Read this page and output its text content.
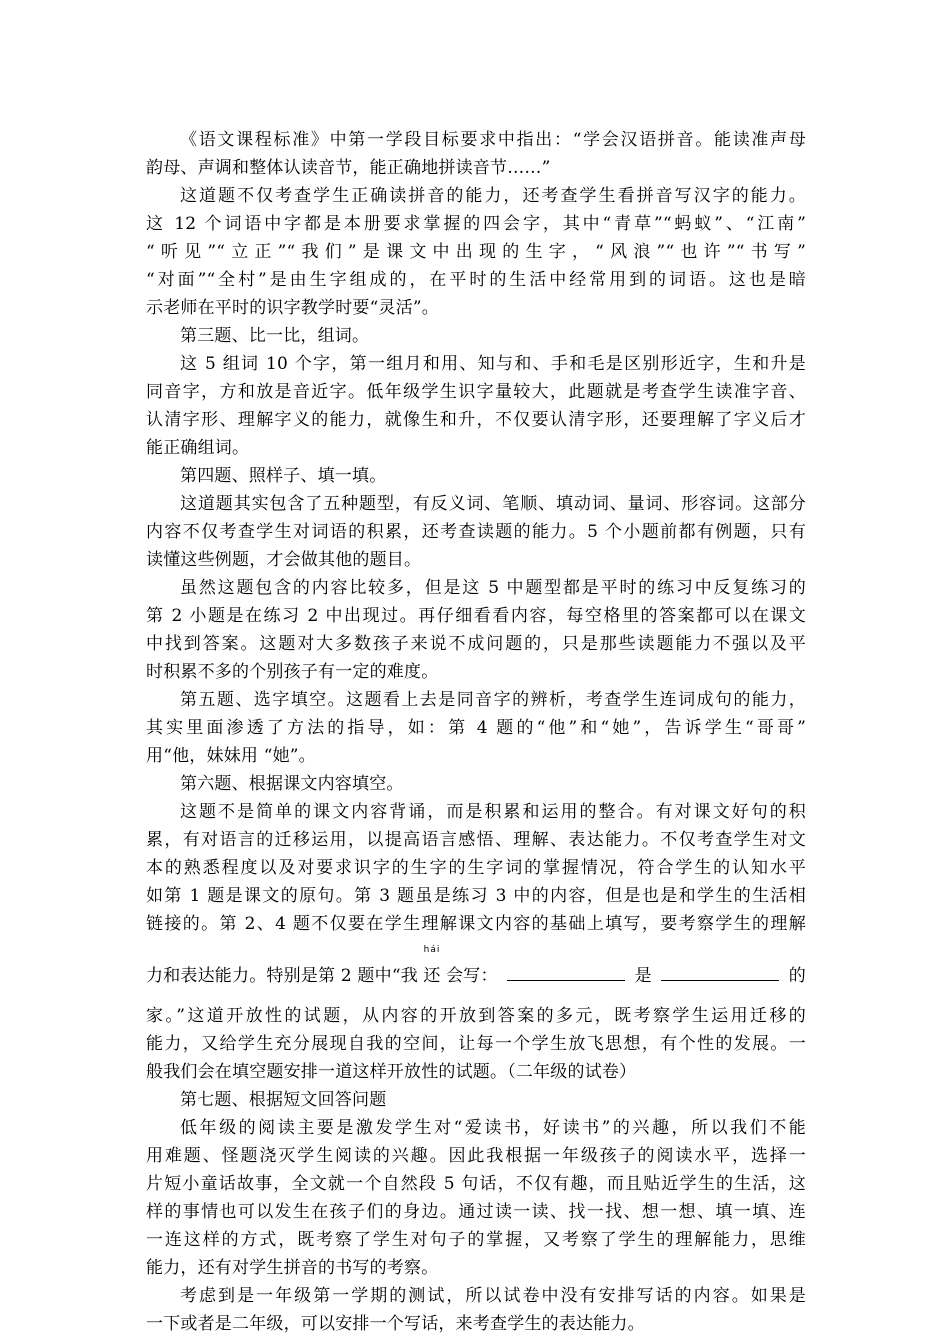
《语文课程标准》中第一学段目标要求中指出：“学会汉语拼音。能读准声母
韵母、声调和整体认读音节，能正确地拼读音节……”
这道题不仅考查学生正确读拼音的能力，还考查学生看拼音写汉字的能力。
这 12 个词语中字都是本册要求掌握的四会字，其中“青草”“蚂蚁”、“江南”
“听见”“立正”“我们”是课文中出现的生字，“风浪”“也许”“书写”
“对面”“全村”是由生字组成的，在平时的生活中经常用到的词语。这也是暗
示老师在平时的识字教学时要“灵活”。
第三题、比一比，组词。
这 5 组词 10 个字，第一组月和用、知与和、手和毛是区别形近字，生和升是
同音字，方和放是音近字。低年级学生识字量较大，此题就是考查学生读准字音、
认清字形、理解字义的能力，就像生和升，不仅要认清字形，还要理解了字义后才
能正确组词。
第四题、照样子、填一填。
这道题其实包含了五种题型，有反义词、笔顺、填动词、量词、形容词。这部分
内容不仅考查学生对词语的积累，还考查读题的能力。5 个小题前都有例题，只有
读懂这些例题，才会做其他的题目。
虽然这题包含的内容比较多，但是这 5 中题型都是平时的练习中反复练习的
第 2 小题是在练习 2 中出现过。再仔细看看内容，每空格里的答案都可以在课文
中找到答案。这题对大多数孩子来说不成问题的，只是那些读题能力不强以及平
时积累不多的个别孩子有一定的难度。
第五题、选字填空。这题看上去是同音字的辨析，考查学生连词成句的能力，
其实里面渗透了方法的指导，如：第 4 题的“他”和“她”，告诉学生“哥哥”
用“他，妹妹用 “她”。
第六题、根据课文内容填空。
这题不是简单的课文内容背诵，而是积累和运用的整合。有对课文好句的积
累，有对语言的迁移运用，以提高语言感悟、理解、表达能力。不仅考查学生对文
本的熟悉程度以及对要求识字的生字的生字词的掌握情况，符合学生的认知水平
如第 1 题是课文的原句。第 3 题虽是练习 3 中的内容，但是也是和学生的生活相
链接的。第 2、4 题不仅要在学生理解课文内容的基础上填写，要考察学生的理解
力和表达能力。特别是第 2 题中“我
hái
还 会写：	是	的
家。”这道开放性的试题，从内容的开放到答案的多元，既考察学生运用迁移的
能力，又给学生充分展现自我的空间，让每一个学生放飞思想，有个性的发展。一
般我们会在填空题安排一道这样开放性的试题。（二年级的试卷）
第七题、根据短文回答问题
低年级的阅读主要是激发学生对“爱读书，好读书”的兴趣，所以我们不能
用难题、怪题浇灭学生阅读的兴趣。因此我根据一年级孩子的阅读水平，选择一
片短小童话故事，全文就一个自然段 5 句话，不仅有趣，而且贴近学生的生活，这
样的事情也可以发生在孩子们的身边。通过读一读、找一找、想一想、填一填、连
一连这样的方式，既考察了学生对句子的掌握，又考察了学生的理解能力，思维
能力，还有对学生拼音的书写的考察。
考虑到是一年级第一学期的测试，所以试卷中没有安排写话的内容。如果是
一下或者是二年级，可以安排一个写话，来考查学生的表达能力。
